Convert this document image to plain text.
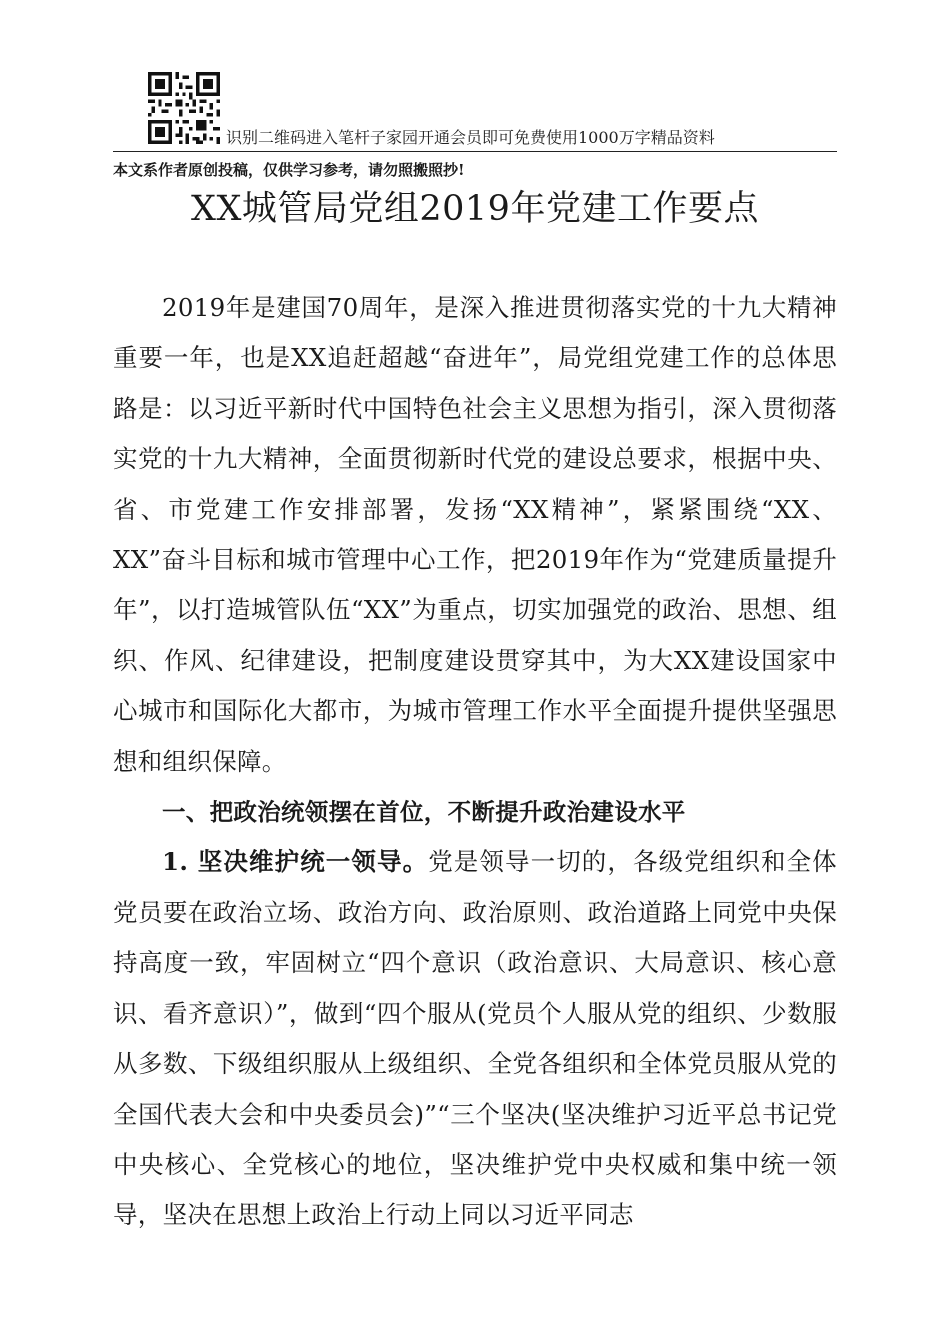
识别二维码进入笔杆子家园开通会员即可免费使用1000万字精品资料
本文系作者原创投稿，仅供学习参考，请勿照搬照抄!
XX城管局党组2019年党建工作要点

2019年是建国70周年，是深入推进贯彻落实党的十九大精神重要一年，也是XX追赶超越“奋进年”，局党组党建工作的总体思路是：以习近平新时代中国特色社会主义思想为指引，深入贯彻落实党的十九大精神，全面贯彻新时代党的建设总要求，根据中央、省、市党建工作安排部署，发扬“XX精神”，紧紧围绕“XX、XX”奋斗目标和城市管理中心工作，把2019年作为“党建质量提升年”，以打造城管队伍“XX”为重点，切实加强党的政治、思想、组织、作风、纪律建设，把制度建设贯穿其中，为大XX建设国家中心城市和国际化大都市，为城市管理工作水平全面提升提供坚强思想和组织保障。

一、把政治统领摆在首位，不断提升政治建设水平

1. 坚决维护统一领导。党是领导一切的，各级党组织和全体党员要在政治立场、政治方向、政治原则、政治道路上同党中央保持高度一致，牢固树立“四个意识（政治意识、大局意识、核心意识、看齐意识）”，做到“四个服从(党员个人服从党的组织、少数服从多数、下级组织服从上级组织、全党各组织和全体党员服从党的全国代表大会和中央委员会)”“三个坚决(坚决维护习近平总书记党中央核心、全党核心的地位，坚决维护党中央权威和集中统一领导，坚决在思想上政治上行动上同以习近平同志
